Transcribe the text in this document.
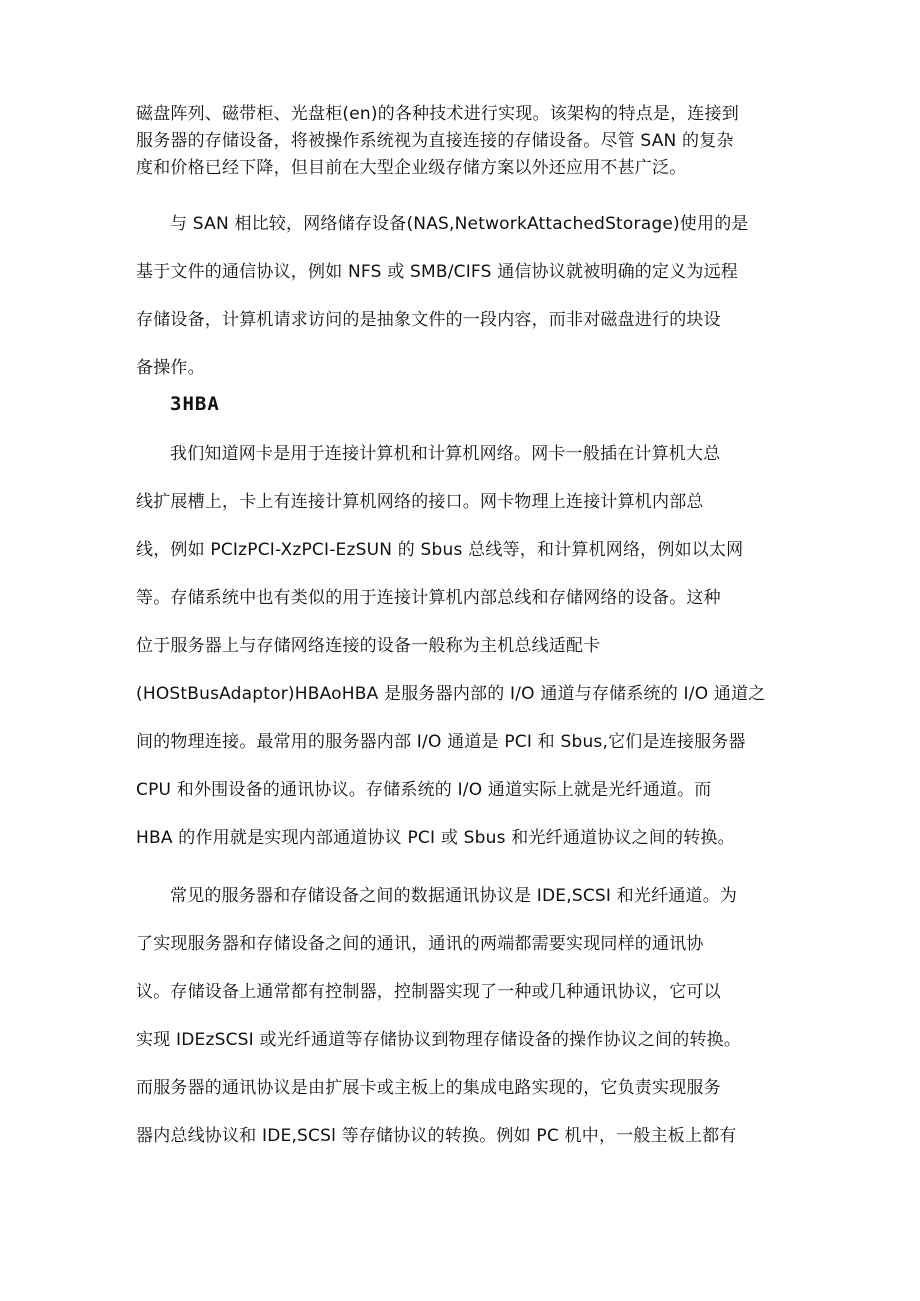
磁盘阵列、磁带柜、光盘柜(en)的各种技术进行实现。该架构的特点是，连接到
服务器的存储设备，将被操作系统视为直接连接的存储设备。尽管 SAN 的复杂
度和价格已经下降，但目前在大型企业级存储方案以外还应用不甚广泛。
与 SAN 相比较，网络储存设备(NAS,NetworkAttachedStorage)使用的是
基于文件的通信协议，例如 NFS 或 SMB/CIFS 通信协议就被明确的定义为远程
存储设备，计算机请求访问的是抽象文件的一段内容，而非对磁盘进行的块设
备操作。
3HBA
我们知道网卡是用于连接计算机和计算机网络。网卡一般插在计算机大总
线扩展槽上，卡上有连接计算机网络的接口。网卡物理上连接计算机内部总
线，例如 PCIzPCI-XzPCI-EzSUN 的 Sbus 总线等，和计算机网络，例如以太网
等。存储系统中也有类似的用于连接计算机内部总线和存储网络的设备。这种
位于服务器上与存储网络连接的设备一般称为主机总线适配卡
(HOStBusAdaptor)HBAoHBA 是服务器内部的 I/O 通道与存储系统的 I/O 通道之
间的物理连接。最常用的服务器内部 I/O 通道是 PCI 和 Sbus,它们是连接服务器
CPU 和外围设备的通讯协议。存储系统的 I/O 通道实际上就是光纤通道。而
HBA 的作用就是实现内部通道协议 PCI 或 Sbus 和光纤通道协议之间的转换。
常见的服务器和存储设备之间的数据通讯协议是 IDE,SCSI 和光纤通道。为
了实现服务器和存储设备之间的通讯，通讯的两端都需要实现同样的通讯协
议。存储设备上通常都有控制器，控制器实现了一种或几种通讯协议，它可以
实现 IDEzSCSI 或光纤通道等存储协议到物理存储设备的操作协议之间的转换。
而服务器的通讯协议是由扩展卡或主板上的集成电路实现的，它负责实现服务
器内总线协议和 IDE,SCSl 等存储协议的转换。例如 PC 机中，一般主板上都有
